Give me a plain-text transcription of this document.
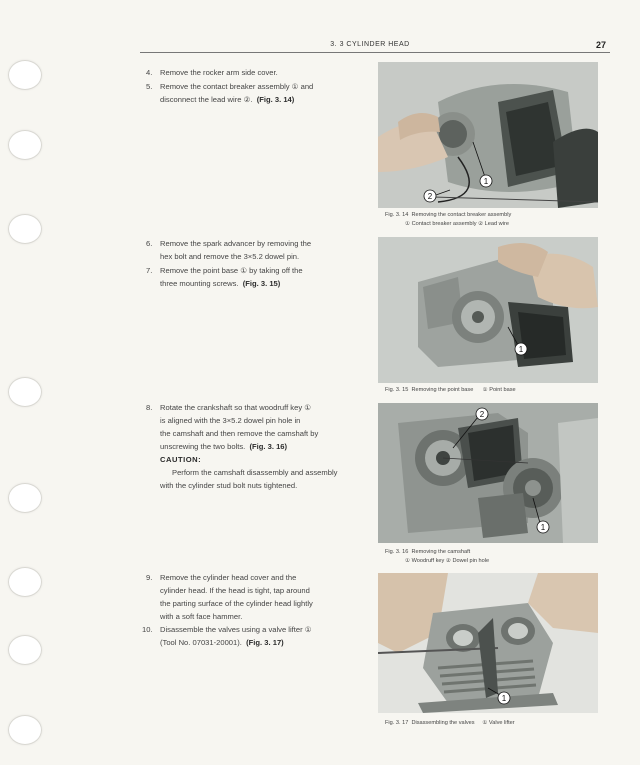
3. 3 CYLINDER HEAD	27
4. Remove the rocker arm side cover.
5. Remove the contact breaker assembly ① and
disconnect the lead wire ②. (Fig. 3. 14)
6. Remove the spark advancer by removing the
hex bolt and remove the 3×5.2 dowel pin.
7. Remove the point base ① by taking off the
three mounting screws. (Fig. 3. 15)
8. Rotate the crankshaft so that woodruff key ①
is aligned with the 3×5.2 dowel pin hole in
the camshaft and then remove the camshaft by
unscrewing the two bolts. (Fig. 3. 16)
CAUTION:
Perform the camshaft disassembly and assembly
with the cylinder stud bolt nuts tightened.
9. Remove the cylinder head cover and the
cylinder head. If the head is tight, tap around
the parting surface of the cylinder head lightly
with a soft face hammer.
10. Disassemble the valves using a valve lifter ①
(Tool No. 07031-20001). (Fig. 3. 17)
1
2
Fig. 3. 14 Removing the contact breaker assembly
① Contact breaker assembly ② Lead wire
1
Fig. 3. 15 Removing the point base ① Point base
2
1
Fig. 3. 16 Removing the camshaft
① Woodruff key ② Dowel pin hole
1
Fig. 3. 17 Disassembling the valves ① Valve lifter
